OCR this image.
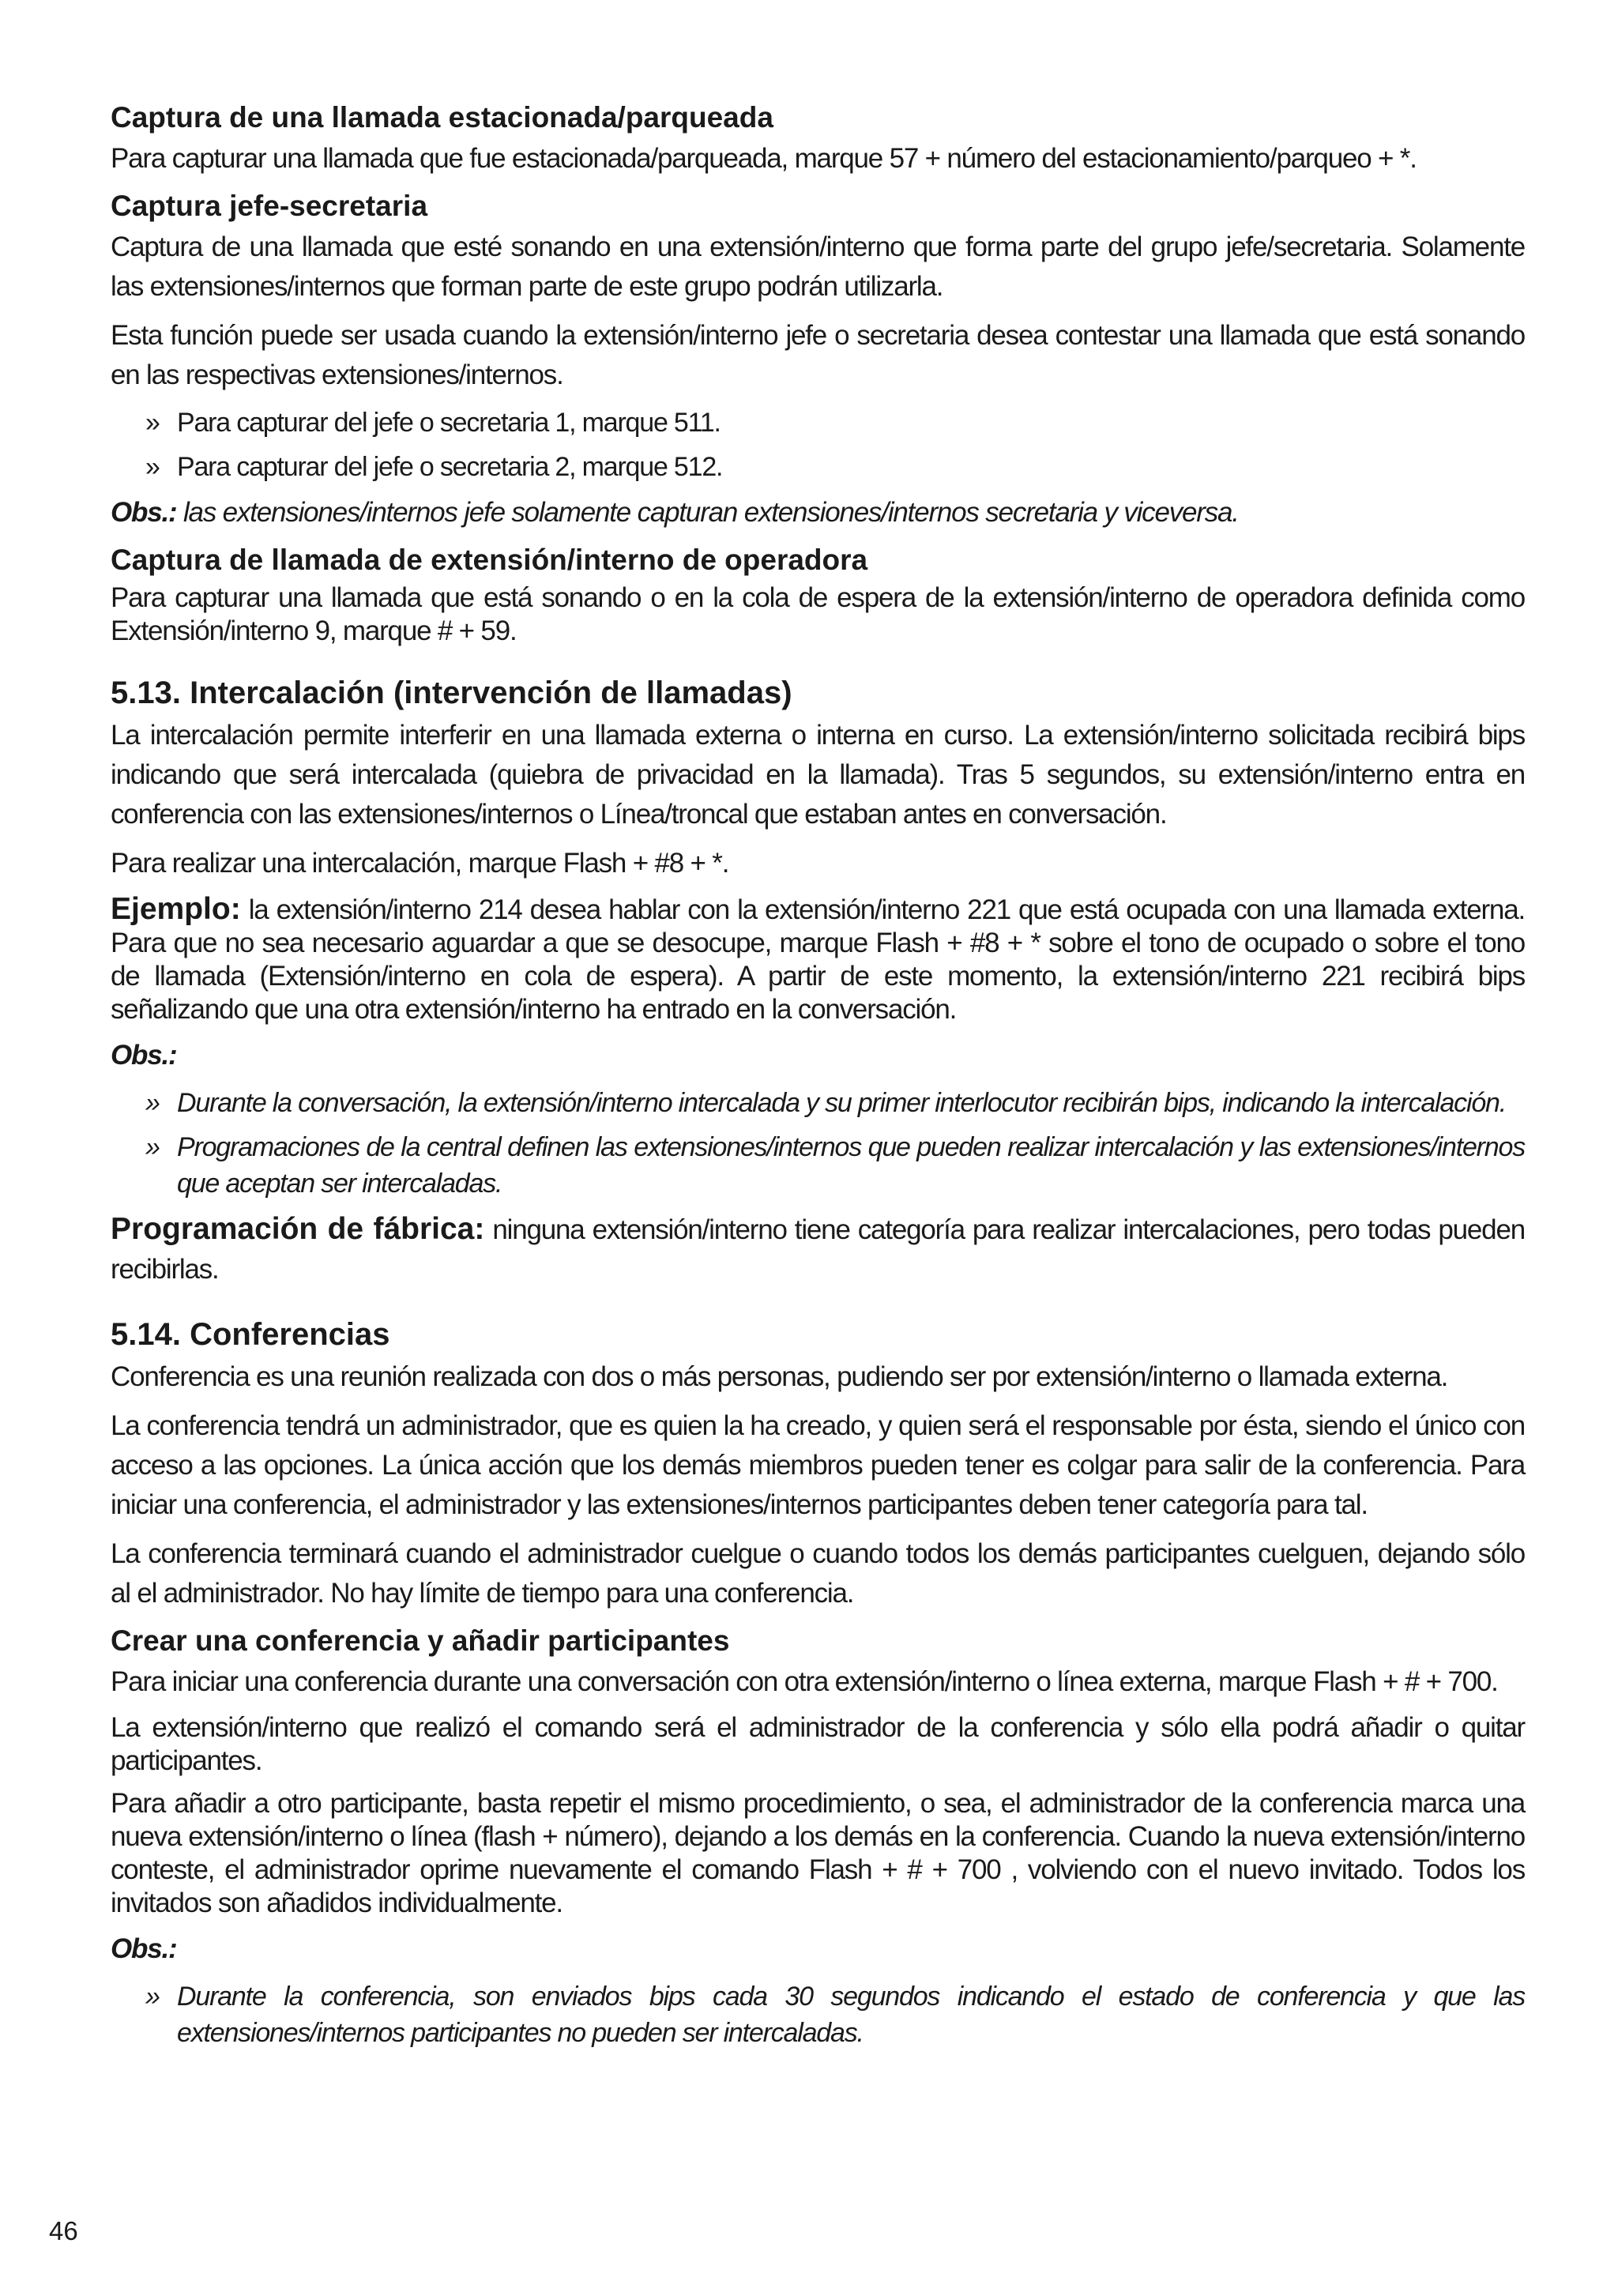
Captura de una llamada estacionada/parqueada

Para capturar una llamada que fue estacionada/parqueada, marque 57 + número del estacionamiento/parqueo + *.

Captura jefe-secretaria

Captura de una llamada que esté sonando en una extensión/interno que forma parte del grupo jefe/secretaria. Solamente las extensiones/internos que forman parte de este grupo podrán utilizarla.

Esta función puede ser usada cuando la extensión/interno jefe o secretaria desea contestar una llamada que está sonando en las respectivas extensiones/internos.

» Para capturar del jefe o secretaria 1, marque 511.
» Para capturar del jefe o secretaria 2, marque 512.

Obs.: las extensiones/internos jefe solamente capturan extensiones/internos secretaria y viceversa.

Captura de llamada de extensión/interno de operadora

Para capturar una llamada que está sonando o en la cola de espera de la extensión/interno de operadora definida como Extensión/interno 9, marque # + 59.

5.13. Intercalación (intervención de llamadas)

La intercalación permite interferir en una llamada externa o interna en curso. La extensión/interno solicitada recibirá bips indicando que será intercalada (quiebra de privacidad en la llamada). Tras 5 segundos, su extensión/interno entra en conferencia con las extensiones/internos o Línea/troncal que estaban antes en conversación.

Para realizar una intercalación, marque Flash + #8 + *.

Ejemplo: la extensión/interno 214 desea hablar con la extensión/interno 221 que está ocupada con una llamada externa. Para que no sea necesario aguardar a que se desocupe, marque Flash + #8 + * sobre el tono de ocupado o sobre el tono de llamada (Extensión/interno en cola de espera). A partir de este momento, la extensión/interno 221 recibirá bips señalizando que una otra extensión/interno ha entrado en la conversación.

Obs.:

» Durante la conversación, la extensión/interno intercalada y su primer interlocutor recibirán bips, indicando la intercalación.
» Programaciones de la central definen las extensiones/internos que pueden realizar intercalación y las extensiones/internos que aceptan ser intercaladas.

Programación de fábrica: ninguna extensión/interno tiene categoría para realizar intercalaciones, pero todas pueden recibirlas.

5.14. Conferencias

Conferencia es una reunión realizada con dos o más personas, pudiendo ser por extensión/interno o llamada externa.

La conferencia tendrá un administrador, que es quien la ha creado, y quien será el responsable por ésta, siendo el único con acceso a las opciones. La única acción que los demás miembros pueden tener es colgar para salir de la conferencia. Para iniciar una conferencia, el administrador y las extensiones/internos participantes deben tener categoría para tal.

La conferencia terminará cuando el administrador cuelgue o cuando todos los demás participantes cuelguen, dejando sólo al el administrador. No hay límite de tiempo para una conferencia.

Crear una conferencia y añadir participantes

Para iniciar una conferencia durante una conversación con otra extensión/interno o línea externa, marque Flash + # + 700.

La extensión/interno que realizó el comando será el administrador de la conferencia y sólo ella podrá añadir o quitar participantes.

Para añadir a otro participante, basta repetir el mismo procedimiento, o sea, el administrador de la conferencia marca una nueva extensión/interno o línea (flash + número), dejando a los demás en la conferencia. Cuando la nueva extensión/interno conteste, el administrador oprime nuevamente el comando Flash + # + 700 , volviendo con el nuevo invitado. Todos los invitados son añadidos individualmente.

Obs.:

» Durante la conferencia, son enviados bips cada 30 segundos indicando el estado de conferencia y que las extensiones/internos participantes no pueden ser intercaladas.
46
